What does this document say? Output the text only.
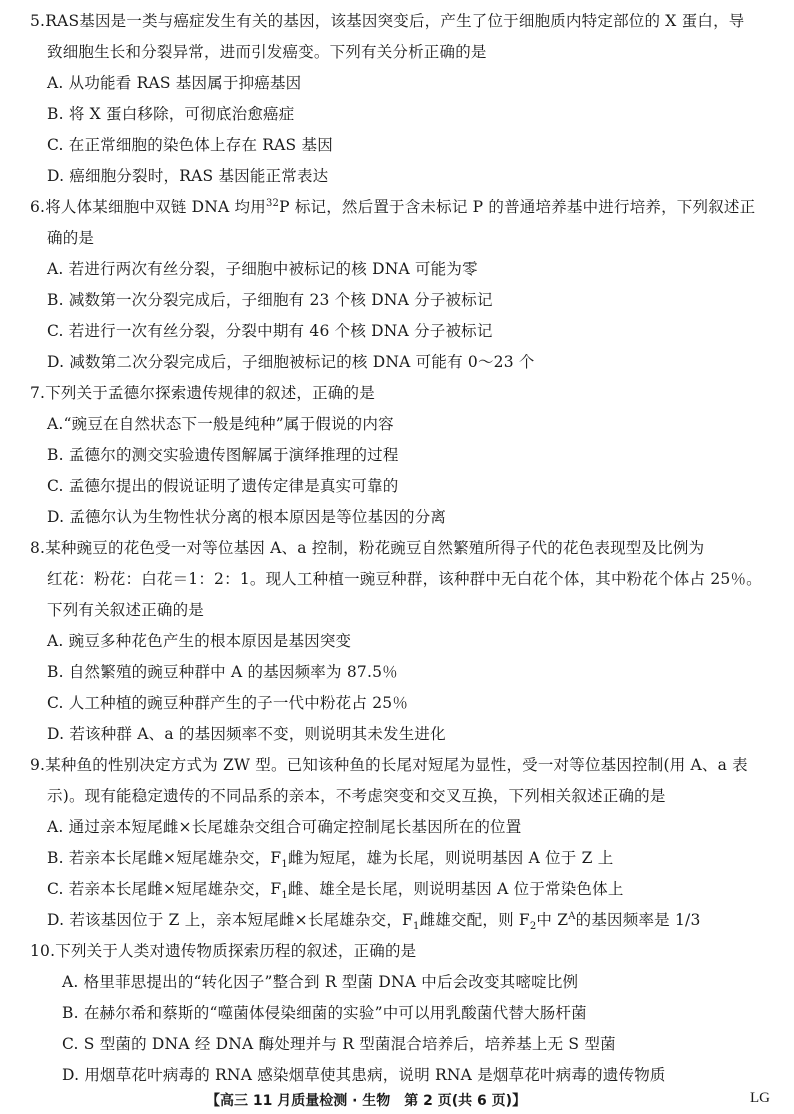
5.RAS基因是一类与癌症发生有关的基因，该基因突变后，产生了位于细胞质内特定部位的 X 蛋白，导
致细胞生长和分裂异常，进而引发癌变。下列有关分析正确的是
A. 从功能看 RAS 基因属于抑癌基因
B. 将 X 蛋白移除，可彻底治愈癌症
C. 在正常细胞的染色体上存在 RAS 基因
D. 癌细胞分裂时，RAS 基因能正常表达
6.将人体某细胞中双链 DNA 均用$^{32}$P 标记，然后置于含未标记 P 的普通培养基中进行培养，下列叙述正
确的是
A. 若进行两次有丝分裂，子细胞中被标记的核 DNA 可能为零
B. 减数第一次分裂完成后，子细胞有 23 个核 DNA 分子被标记
C. 若进行一次有丝分裂，分裂中期有 46 个核 DNA 分子被标记
D. 减数第二次分裂完成后，子细胞被标记的核 DNA 可能有 0～23 个
7.下列关于孟德尔探索遗传规律的叙述，正确的是
A.“豌豆在自然状态下一般是纯种”属于假说的内容
B. 孟德尔的测交实验遗传图解属于演绎推理的过程
C. 孟德尔提出的假说证明了遗传定律是真实可靠的
D. 孟德尔认为生物性状分离的根本原因是等位基因的分离
8.某种豌豆的花色受一对等位基因 A、a 控制，粉花豌豆自然繁殖所得子代的花色表现型及比例为
红花：粉花：白花＝1：2：1。现人工种植一豌豆种群，该种群中无白花个体，其中粉花个体占 25％。
下列有关叙述正确的是
A. 豌豆多种花色产生的根本原因是基因突变
B. 自然繁殖的豌豆种群中 A 的基因频率为 87.5％
C. 人工种植的豌豆种群产生的子一代中粉花占 25％
D. 若该种群 A、a 的基因频率不变，则说明其未发生进化
9.某种鱼的性别决定方式为 ZW 型。已知该种鱼的长尾对短尾为显性，受一对等位基因控制(用 A、a 表
示)。现有能稳定遗传的不同品系的亲本，不考虑突变和交叉互换，下列相关叙述正确的是
A. 通过亲本短尾雌×长尾雄杂交组合可确定控制尾长基因所在的位置
B. 若亲本长尾雌×短尾雄杂交，$F_1$雌为短尾，雄为长尾，则说明基因 A 位于 Z 上
C. 若亲本长尾雌×短尾雄杂交，$F_1$雌、雄全是长尾，则说明基因 A 位于常染色体上
D. 若该基因位于 Z 上，亲本短尾雌×长尾雄杂交，$F_1$雌雄交配，则 $F_2$中 $Z^A$的基因频率是 1/3
10.下列关于人类对遗传物质探索历程的叙述，正确的是
A. 格里菲思提出的“转化因子”整合到 R 型菌 DNA 中后会改变其嘧啶比例
B. 在赫尔希和蔡斯的“噬菌体侵染细菌的实验”中可以用乳酸菌代替大肠杆菌
C. S 型菌的 DNA 经 DNA 酶处理并与 R 型菌混合培养后，培养基上无 S 型菌
D. 用烟草花叶病毒的 RNA 感染烟草使其患病，说明 RNA 是烟草花叶病毒的遗传物质
【高三 11 月质量检测 · 生物　第 2 页(共 6 页)】	LG
